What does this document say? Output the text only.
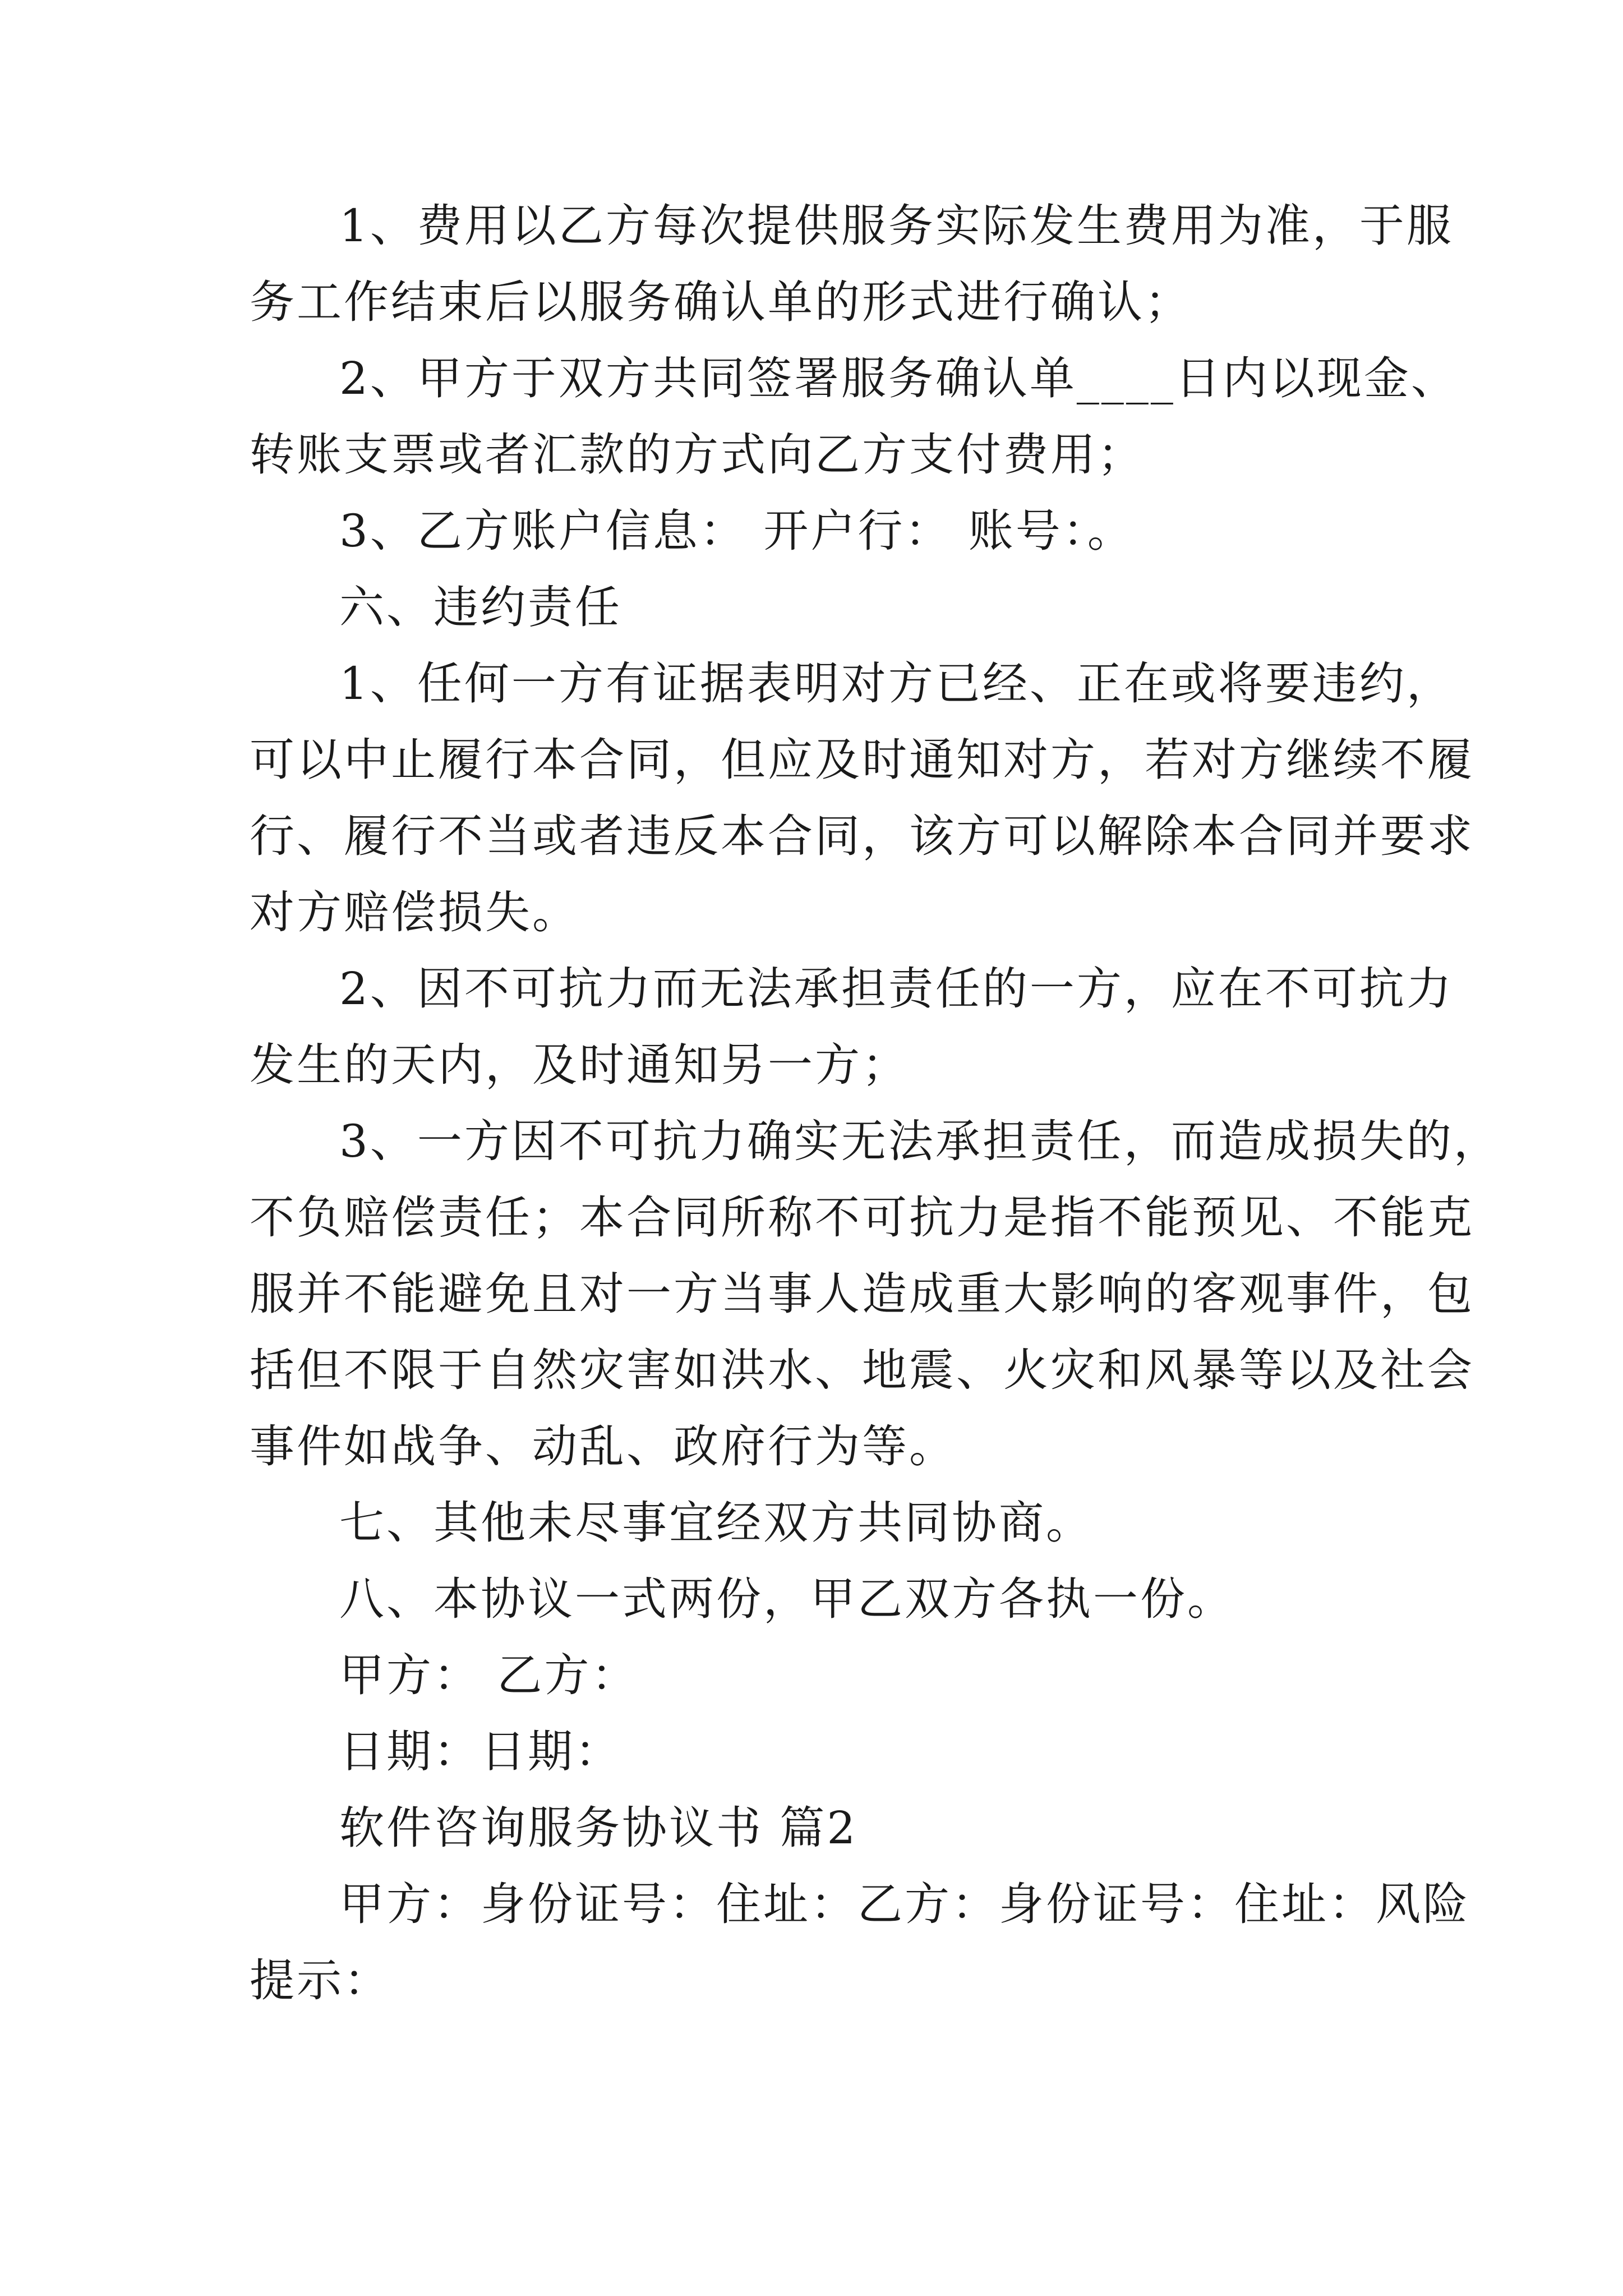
1、费用以乙方每次提供服务实际发生费用为准，于服
务工作结束后以服务确认单的形式进行确认；
2、甲方于双方共同签署服务确认单____日内以现金、
转账支票或者汇款的方式向乙方支付费用；
3、乙方账户信息： 开户行： 账号：。
六、违约责任
1、任何一方有证据表明对方已经、正在或将要违约，
可以中止履行本合同，但应及时通知对方，若对方继续不履
行、履行不当或者违反本合同，该方可以解除本合同并要求
对方赔偿损失。
2、因不可抗力而无法承担责任的一方，应在不可抗力
发生的天内，及时通知另一方；
3、一方因不可抗力确实无法承担责任，而造成损失的，
不负赔偿责任；本合同所称不可抗力是指不能预见、不能克
服并不能避免且对一方当事人造成重大影响的客观事件，包
括但不限于自然灾害如洪水、地震、火灾和风暴等以及社会
事件如战争、动乱、政府行为等。
七、其他未尽事宜经双方共同协商。
八、本协议一式两份，甲乙双方各执一份。
甲方： 乙方：
日期：日期：
软件咨询服务协议书 篇2
甲方：身份证号：住址：乙方：身份证号：住址：风险
提示：
